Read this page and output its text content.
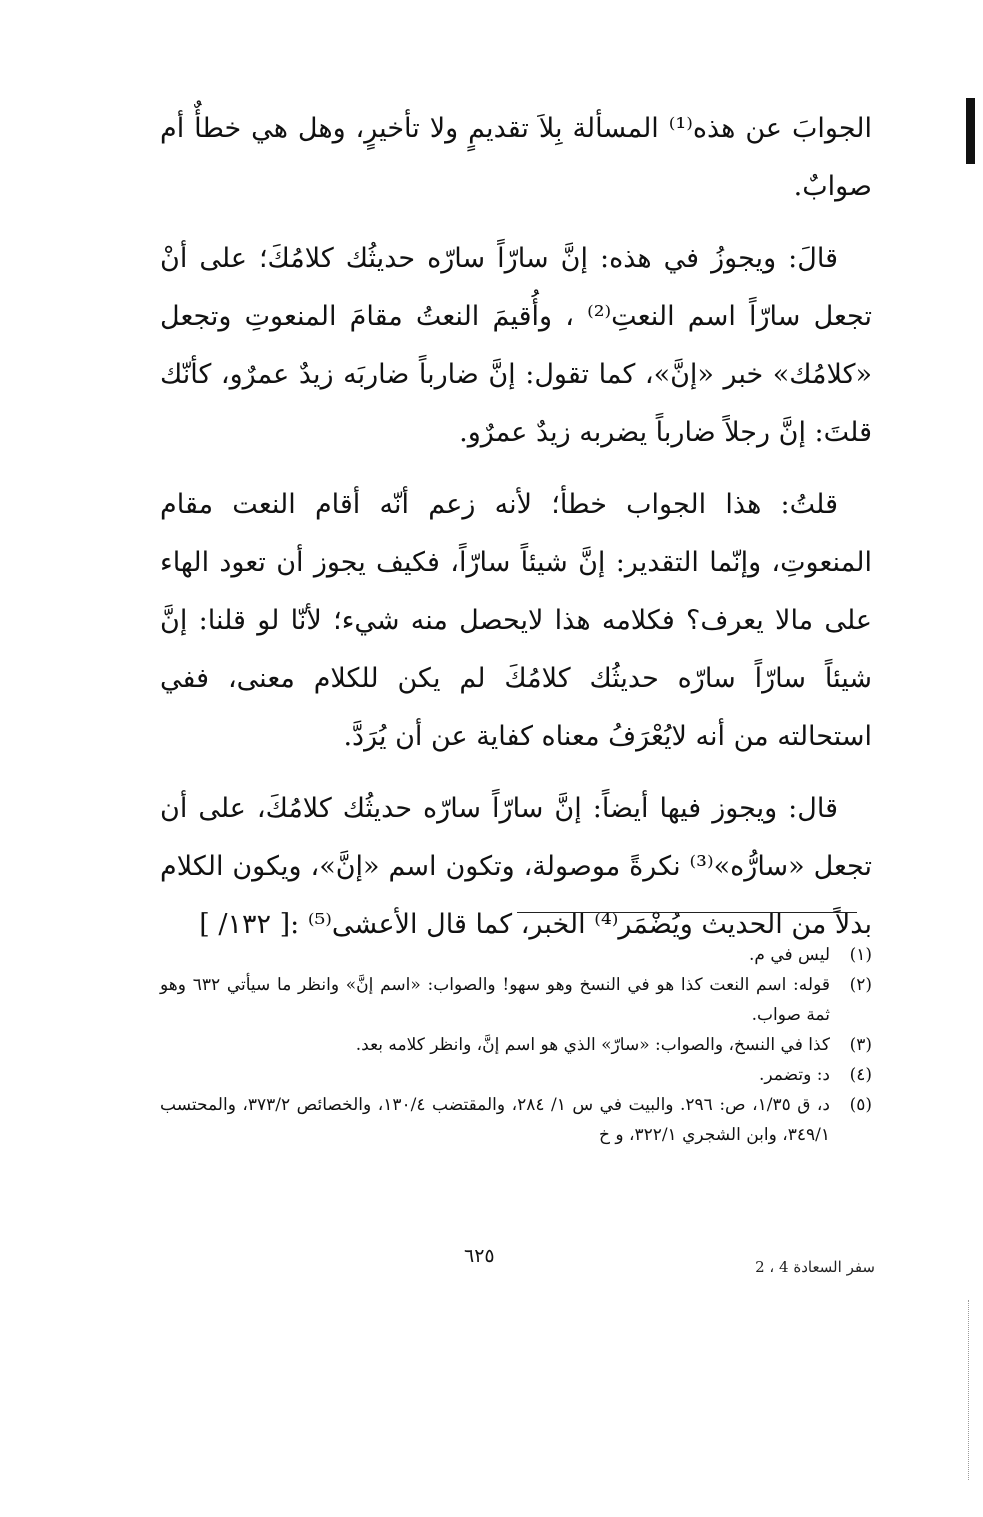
الجوابَ عن هذه⁽¹⁾ المسألة بِلاَ تقديمٍ ولا تأخيرٍ، وهل هي خطأٌ أم صوابٌ.

قالَ: ويجوزُ في هذه: إنَّ سارّاً سارّه حديثُك كلامُكَ؛ على أنْ تجعل سارّاً اسم النعتِ⁽²⁾ ، وأُقيمَ النعتُ مقامَ المنعوتِ وتجعل «كلامُك» خبر «إنَّ»، كما تقول: إنَّ ضارباً ضاربَه زيدٌ عمرٌو، كأنّك قلتَ: إنَّ رجلاً ضارباً يضربه زيدٌ عمرٌو.

قلتُ: هذا الجواب خطأ؛ لأنه زعم أنّه أقام النعت مقام المنعوتِ، وإنّما التقدير: إنَّ شيئاً سارّاً، فكيف يجوز أن تعود الهاء على مالا يعرف؟ فكلامه هذا لايحصل منه شيء؛ لأنّا لو قلنا: إنَّ شيئاً سارّاً سارّه حديثُك كلامُكَ لم يكن للكلام معنى، ففي استحالته من أنه لايُعْرَفُ معناه كفاية عن أن يُرَدَّ.

قال: ويجوز فيها أيضاً: إنَّ سارّاً سارّه حديثُك كلامُكَ، على أن تجعل «سارُّه»⁽³⁾ نكرةً موصولة، وتكون اسم «إنَّ»، ويكون الكلام بدلاً من الحديث ويُضْمَر⁽⁴⁾ الخبر، كما قال الأعشى⁽⁵⁾ :[ ١٣٢/ ]

(١)
ليس في م.
(٢)
قوله: اسم النعت كذا هو في النسخ وهو سهو! والصواب: «اسم إنَّ» وانظر ما سيأتي ٦٣٢ وهو ثمة صواب.
(٣)
كذا في النسخ، والصواب: «سارّ» الذي هو اسم إنَّ، وانظر كلامه بعد.
(٤)
د: وتضمر.
(٥)
د، ق ١/٣٥، ص: ٢٩٦. والبيت في س ١/ ٢٨٤، والمقتضب ١٣٠/٤، والخصائص ٣٧٣/٢، والمحتسب ٣٤٩/١، وابن الشجري ٣٢٢/١، و خ
٦٢٥	سفر السعادة 4 ، 2
